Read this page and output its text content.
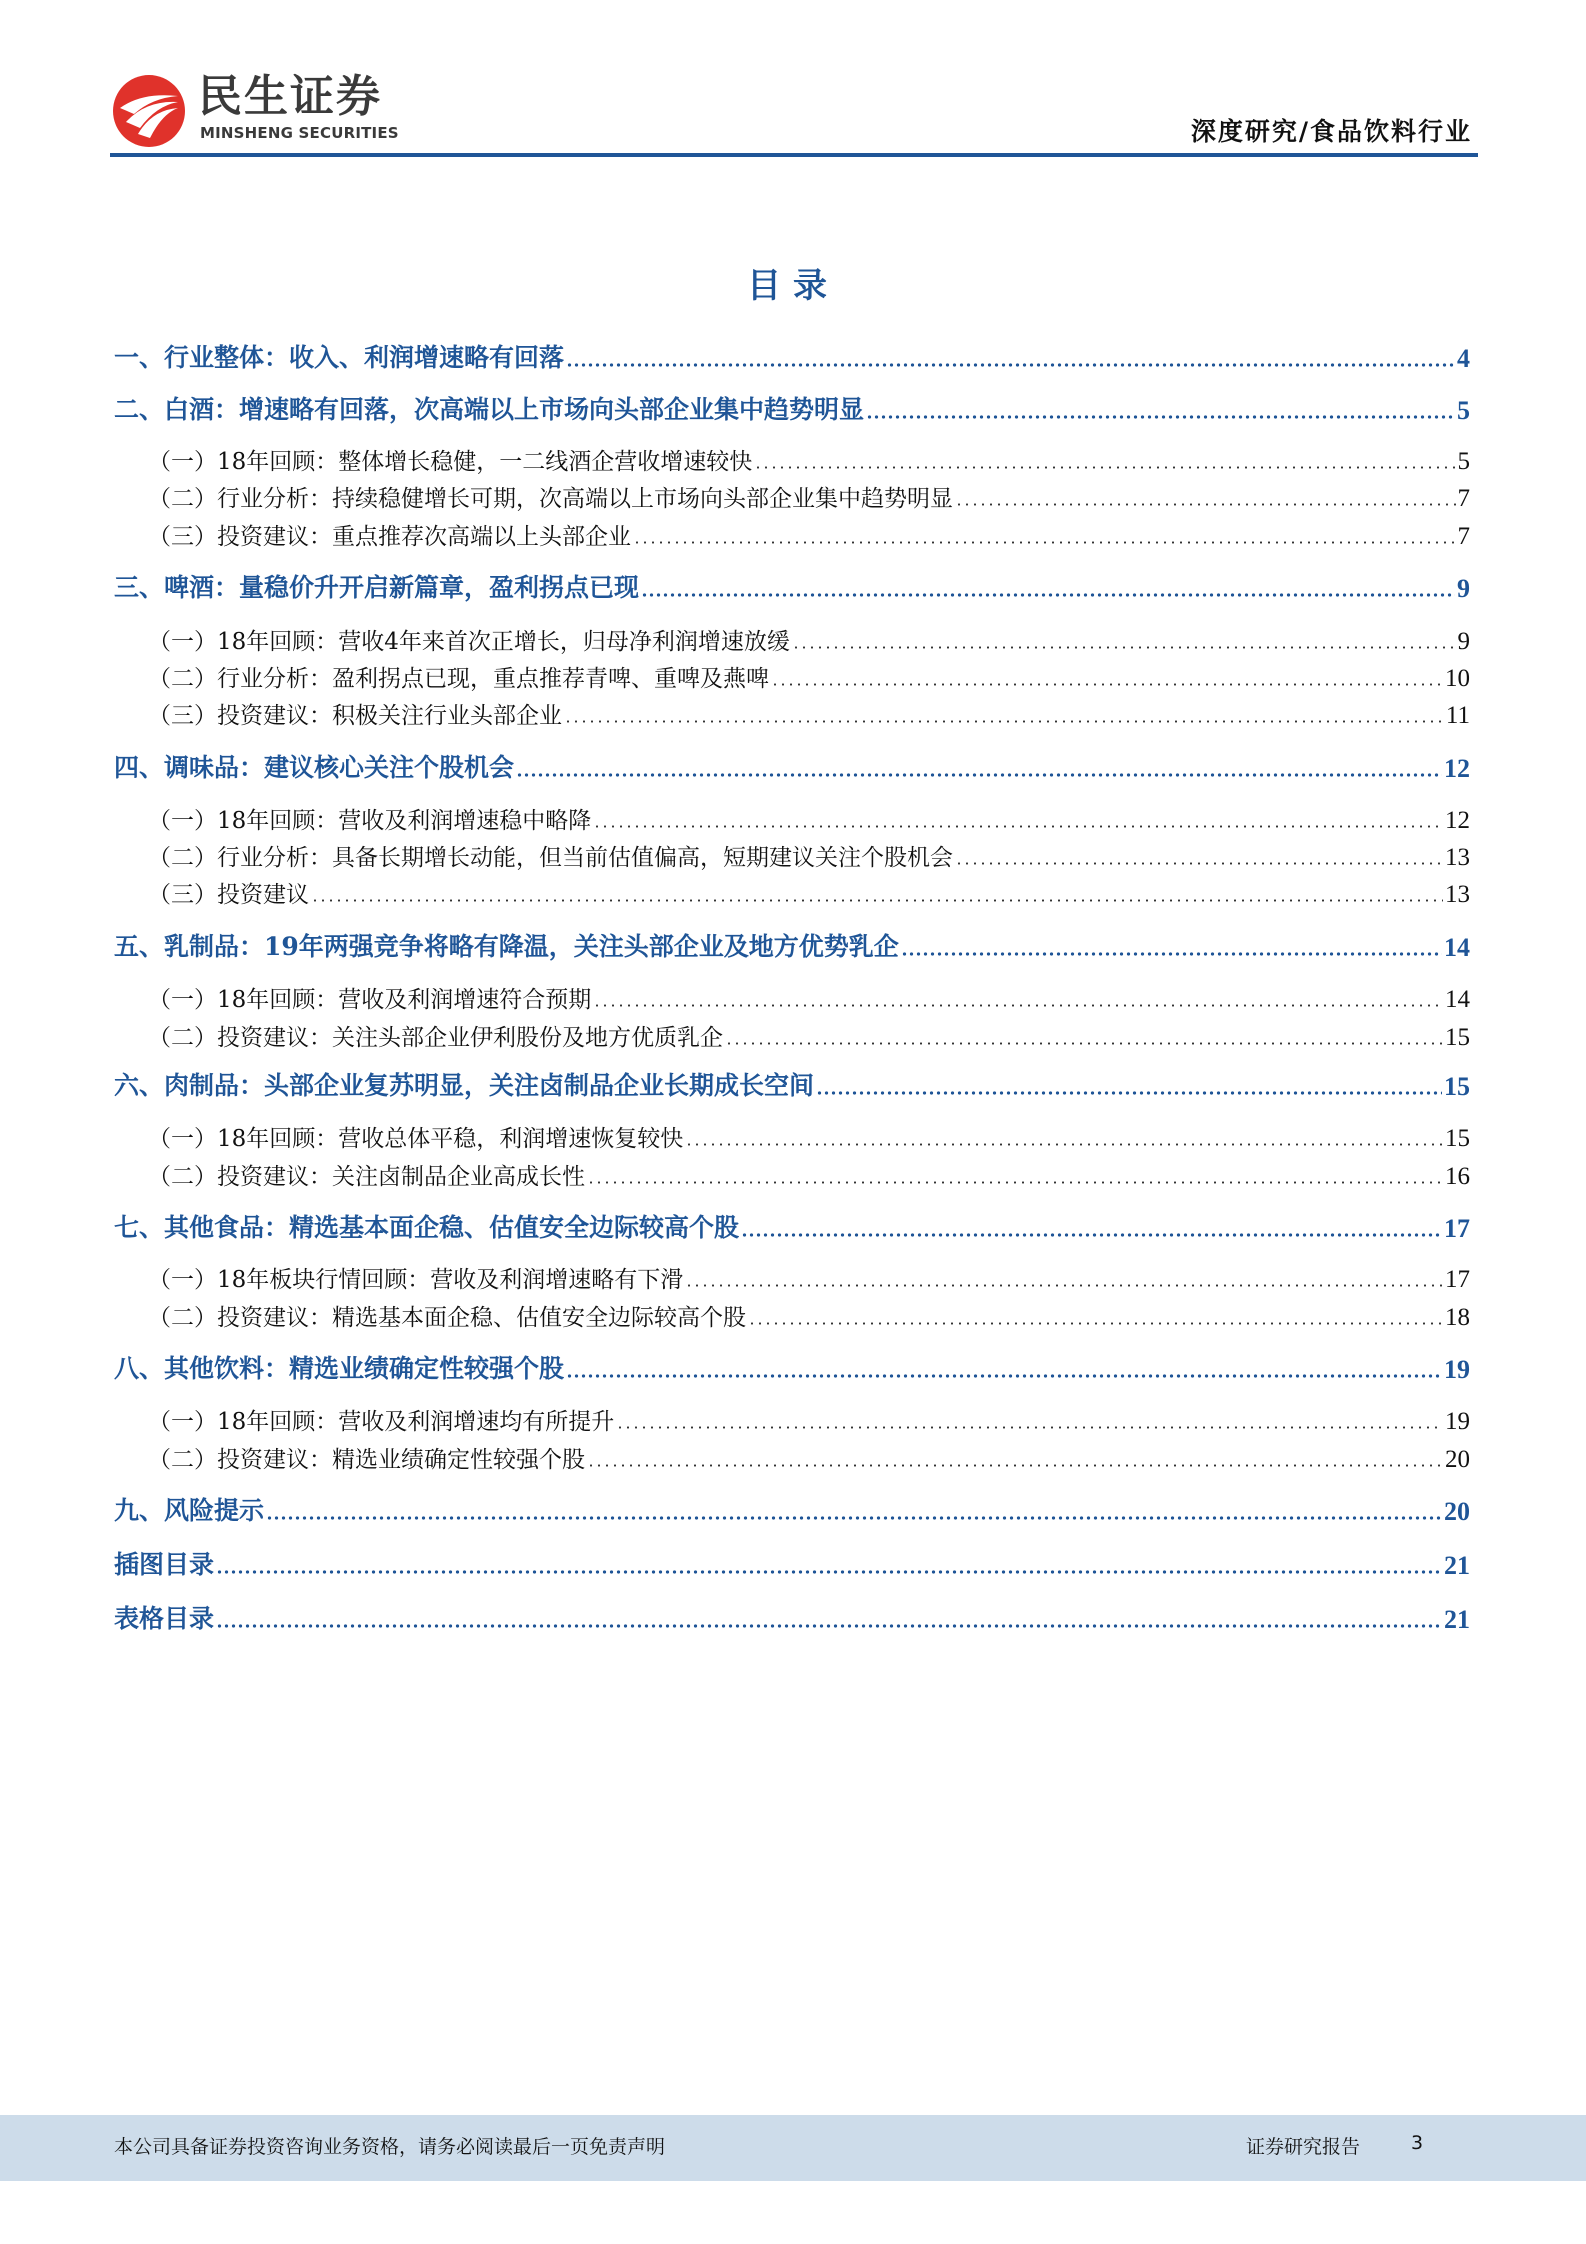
民生证券
MINSHENG SECURITIES	深度研究/食品饮料行业
目录
一、行业整体：收入、利润增速略有回落	4
二、白酒：增速略有回落，次高端以上市场向头部企业集中趋势明显	5
（一）18年回顾：整体增长稳健，一二线酒企营收增速较快	5
（二）行业分析：持续稳健增长可期，次高端以上市场向头部企业集中趋势明显	7
（三）投资建议：重点推荐次高端以上头部企业	7
三、啤酒：量稳价升开启新篇章，盈利拐点已现	9
（一）18年回顾：营收4年来首次正增长，归母净利润增速放缓	9
（二）行业分析：盈利拐点已现，重点推荐青啤、重啤及燕啤	10
（三）投资建议：积极关注行业头部企业	11
四、调味品：建议核心关注个股机会	12
（一）18年回顾：营收及利润增速稳中略降	12
（二）行业分析：具备长期增长动能，但当前估值偏高，短期建议关注个股机会	13
（三）投资建议	13
五、乳制品：19年两强竞争将略有降温，关注头部企业及地方优势乳企	14
（一）18年回顾：营收及利润增速符合预期	14
（二）投资建议：关注头部企业伊利股份及地方优质乳企	15
六、肉制品：头部企业复苏明显，关注卤制品企业长期成长空间	15
（一）18年回顾：营收总体平稳，利润增速恢复较快	15
（二）投资建议：关注卤制品企业高成长性	16
七、其他食品：精选基本面企稳、估值安全边际较高个股	17
（一）18年板块行情回顾：营收及利润增速略有下滑	17
（二）投资建议：精选基本面企稳、估值安全边际较高个股	18
八、其他饮料：精选业绩确定性较强个股	19
（一）18年回顾：营收及利润增速均有所提升	19
（二）投资建议：精选业绩确定性较强个股	20
九、风险提示	20
插图目录	21
表格目录	21
本公司具备证券投资咨询业务资格，请务必阅读最后一页免责声明	证券研究报告	3
